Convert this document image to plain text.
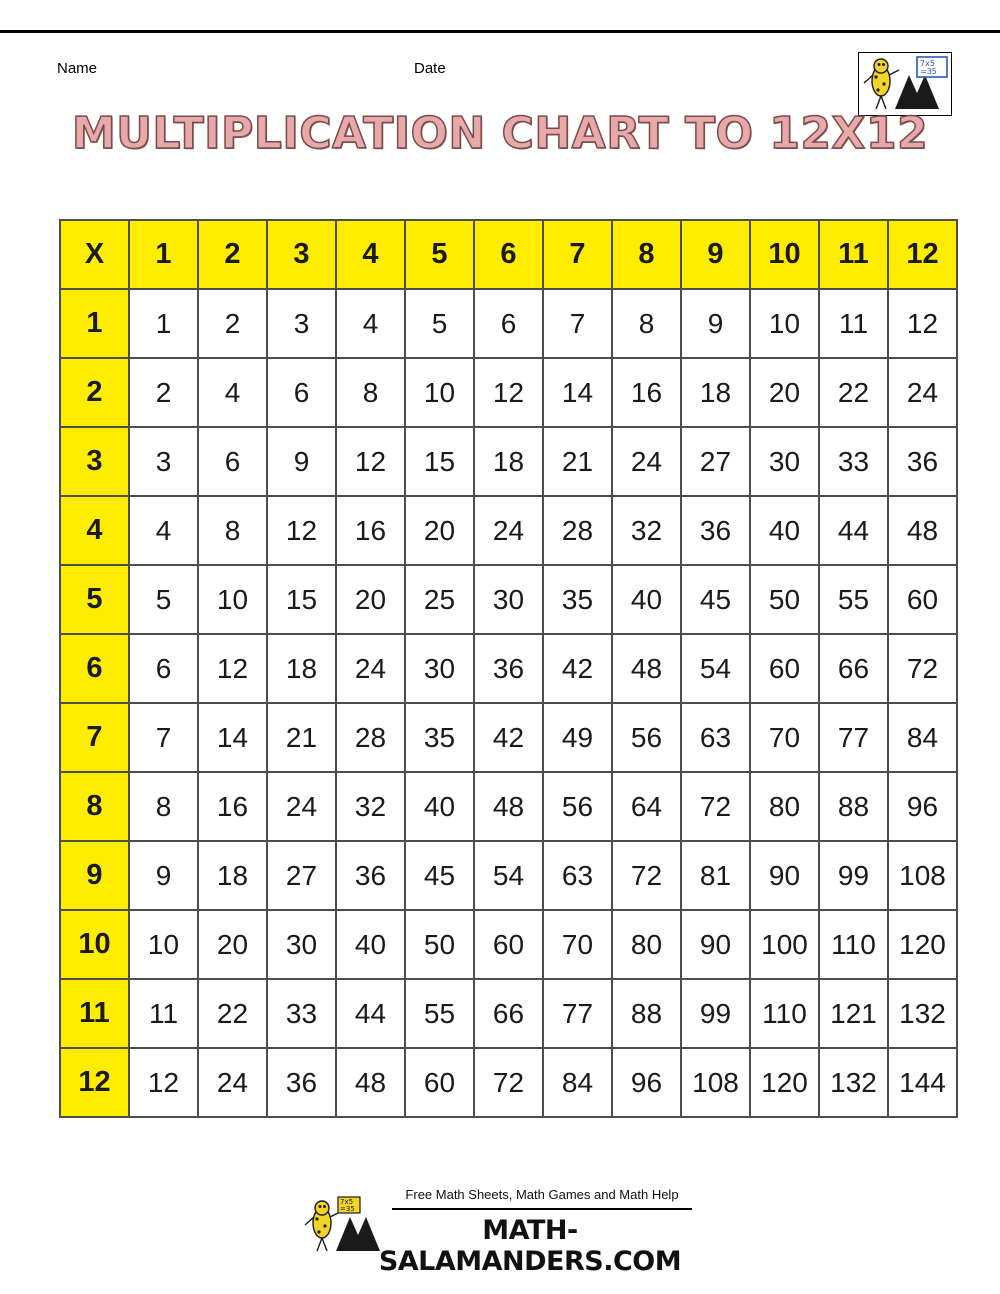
Name	Date	7x5
=35
MULTIPLICATION CHART TO 12X12
X	1	2	3	4	5	6	7	8	9	10	11	12
1	1	2	3	4	5	6	7	8	9	10	11	12
2	2	4	6	8	10	12	14	16	18	20	22	24
3	3	6	9	12	15	18	21	24	27	30	33	36
4	4	8	12	16	20	24	28	32	36	40	44	48
5	5	10	15	20	25	30	35	40	45	50	55	60
6	6	12	18	24	30	36	42	48	54	60	66	72
7	7	14	21	28	35	42	49	56	63	70	77	84
8	8	16	24	32	40	48	56	64	72	80	88	96
9	9	18	27	36	45	54	63	72	81	90	99	108
10	10	20	30	40	50	60	70	80	90	100	110	120
11	11	22	33	44	55	66	77	88	99	110	121	132
12	12	24	36	48	60	72	84	96	108	120	132	144
7x5
=35
Free Math Sheets, Math Games and Math Help
MATH-SALAMANDERS.COM
